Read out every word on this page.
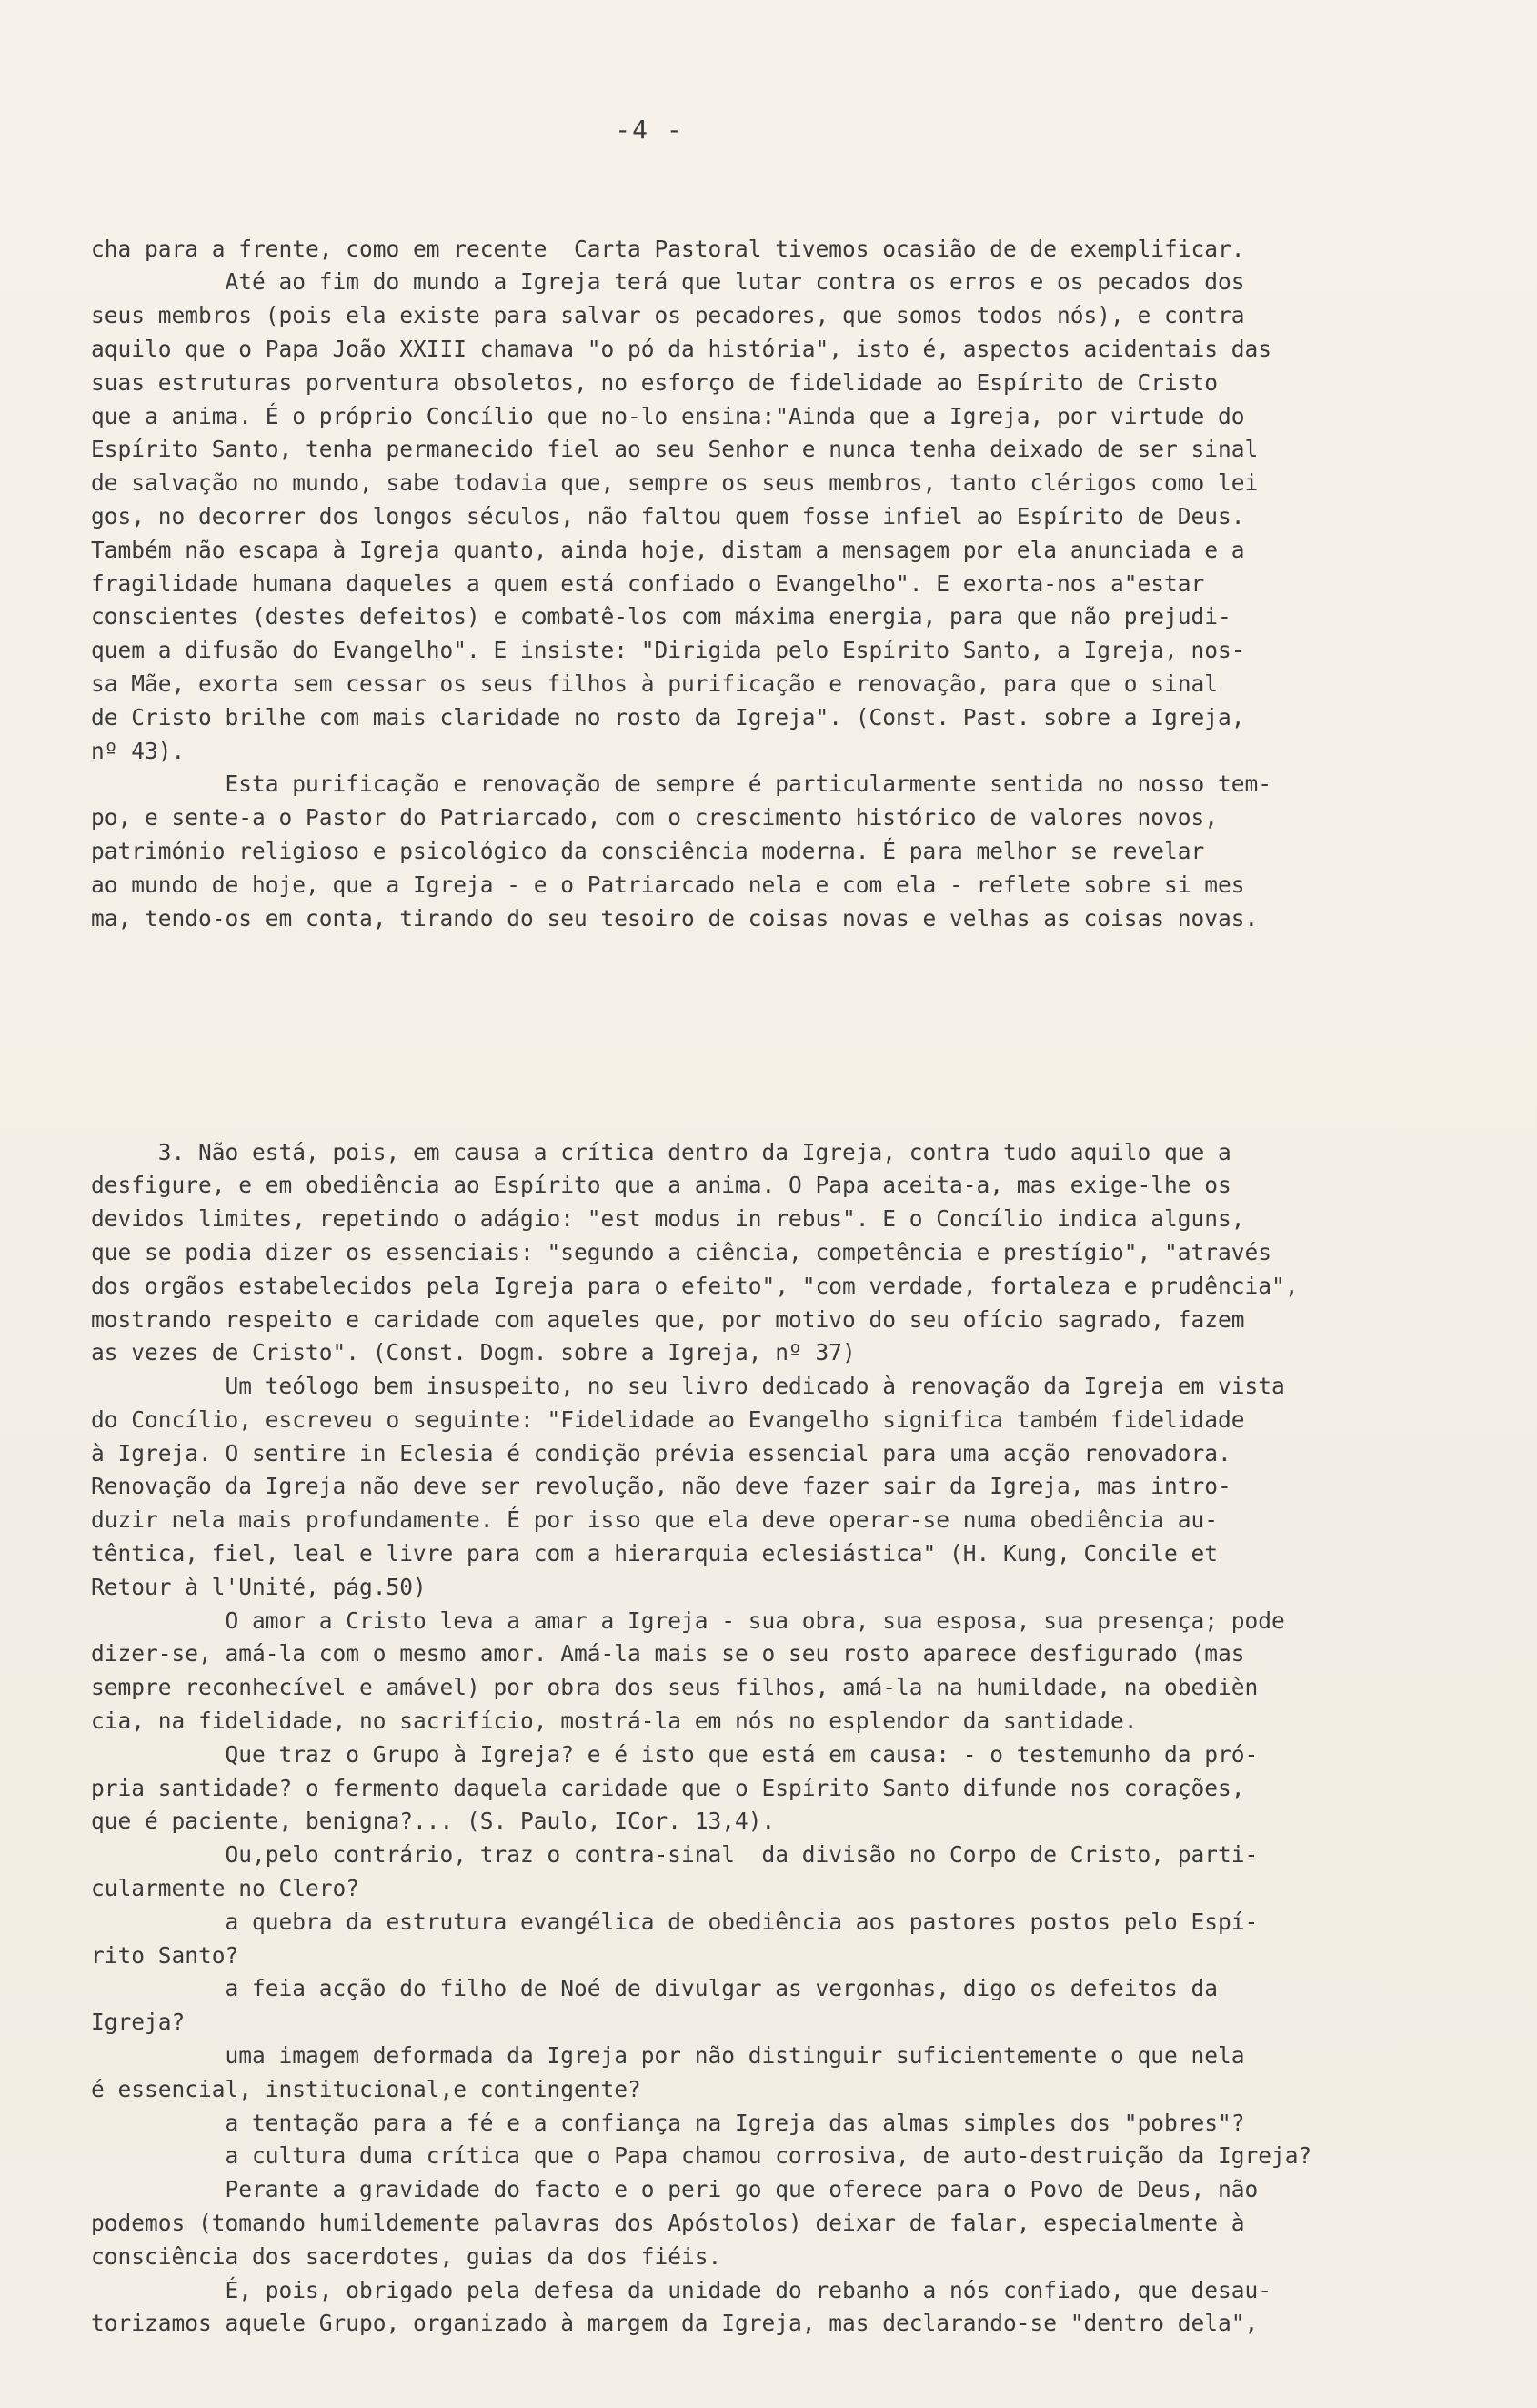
-4 -

cha para a frente, como em recente  Carta Pastoral tivemos ocasião de de exemplificar.
Até ao fim do mundo a Igreja terá que lutar contra os erros e os pecados dos
seus membros (pois ela existe para salvar os pecadores, que somos todos nós), e contra
aquilo que o Papa João XXIII chamava "o pó da história", isto é, aspectos acidentais das
suas estruturas porventura obsoletos, no esforço de fidelidade ao Espírito de Cristo
que a anima. É o próprio Concílio que no-lo ensina:"Ainda que a Igreja, por virtude do
Espírito Santo, tenha permanecido fiel ao seu Senhor e nunca tenha deixado de ser sinal
de salvação no mundo, sabe todavia que, sempre os seus membros, tanto clérigos como lei
gos, no decorrer dos longos séculos, não faltou quem fosse infiel ao Espírito de Deus.
Também não escapa à Igreja quanto, ainda hoje, distam a mensagem por ela anunciada e a
fragilidade humana daqueles a quem está confiado o Evangelho". E exorta-nos a"estar
conscientes (destes defeitos) e combatê-los com máxima energia, para que não prejudi-
quem a difusão do Evangelho". E insiste: "Dirigida pelo Espírito Santo, a Igreja, nos-
sa Mãe, exorta sem cessar os seus filhos à purificação e renovação, para que o sinal
de Cristo brilhe com mais claridade no rosto da Igreja". (Const. Past. sobre a Igreja,
nº 43).
Esta purificação e renovação de sempre é particularmente sentida no nosso tem-
po, e sente-a o Pastor do Patriarcado, com o crescimento histórico de valores novos,
património religioso e psicológico da consciência moderna. É para melhor se revelar
ao mundo de hoje, que a Igreja - e o Patriarcado nela e com ela - reflete sobre si mes
ma, tendo-os em conta, tirando do seu tesoiro de coisas novas e velhas as coisas novas.

3. Não está, pois, em causa a crítica dentro da Igreja, contra tudo aquilo que a
desfigure, e em obediência ao Espírito que a anima. O Papa aceita-a, mas exige-lhe os
devidos limites, repetindo o adágio: "est modus in rebus". E o Concílio indica alguns,
que se podia dizer os essenciais: "segundo a ciência, competência e prestígio", "através
dos orgãos estabelecidos pela Igreja para o efeito", "com verdade, fortaleza e prudência",
mostrando respeito e caridade com aqueles que, por motivo do seu ofício sagrado, fazem
as vezes de Cristo". (Const. Dogm. sobre a Igreja, nº 37)
Um teólogo bem insuspeito, no seu livro dedicado à renovação da Igreja em vista
do Concílio, escreveu o seguinte: "Fidelidade ao Evangelho significa também fidelidade
à Igreja. O sentire in Eclesia é condição prévia essencial para uma acção renovadora.
Renovação da Igreja não deve ser revolução, não deve fazer sair da Igreja, mas intro-
duzir nela mais profundamente. É por isso que ela deve operar-se numa obediência au-
têntica, fiel, leal e livre para com a hierarquia eclesiástica" (H. Kung, Concile et
Retour à l'Unité, pág.50)
O amor a Cristo leva a amar a Igreja - sua obra, sua esposa, sua presença; pode
dizer-se, amá-la com o mesmo amor. Amá-la mais se o seu rosto aparece desfigurado (mas
sempre reconhecível e amável) por obra dos seus filhos, amá-la na humildade, na obedièn
cia, na fidelidade, no sacrifício, mostrá-la em nós no esplendor da santidade.
Que traz o Grupo à Igreja? e é isto que está em causa: - o testemunho da pró-
pria santidade? o fermento daquela caridade que o Espírito Santo difunde nos corações,
que é paciente, benigna?... (S. Paulo, ICor. 13,4).
Ou,pelo contrário, traz o contra-sinal  da divisão no Corpo de Cristo, parti-
cularmente no Clero?
a quebra da estrutura evangélica de obediência aos pastores postos pelo Espí-
rito Santo?
a feia acção do filho de Noé de divulgar as vergonhas, digo os defeitos da
Igreja?
uma imagem deformada da Igreja por não distinguir suficientemente o que nela
é essencial, institucional,e contingente?
a tentação para a fé e a confiança na Igreja das almas simples dos "pobres"?
a cultura duma crítica que o Papa chamou corrosiva, de auto-destruição da Igreja?
Perante a gravidade do facto e o peri go que oferece para o Povo de Deus, não
podemos (tomando humildemente palavras dos Apóstolos) deixar de falar, especialmente à
consciência dos sacerdotes, guias da dos fiéis.
É, pois, obrigado pela defesa da unidade do rebanho a nós confiado, que desau-
torizamos aquele Grupo, organizado à margem da Igreja, mas declarando-se "dentro dela",
